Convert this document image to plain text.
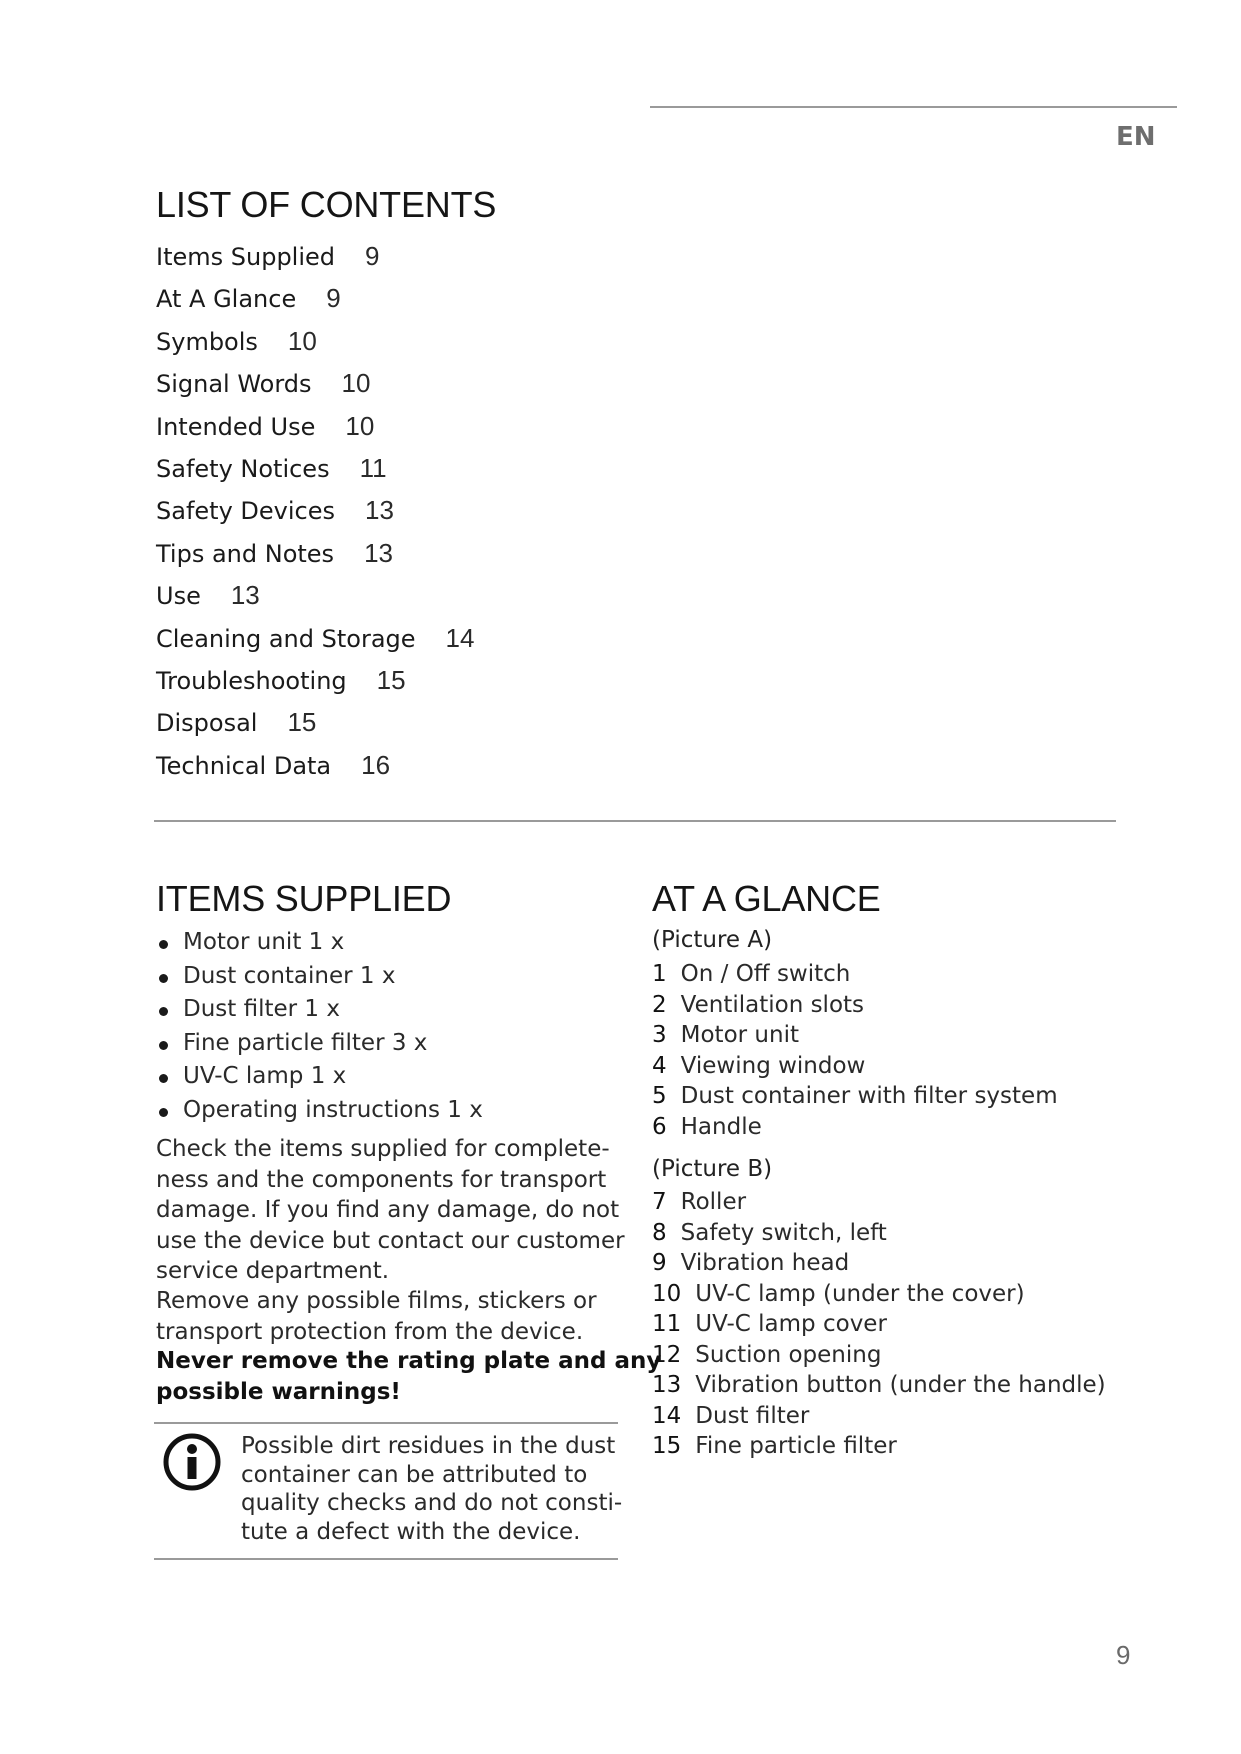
EN
LIST OF CONTENTS
Items Supplied 9
At A Glance 9
Symbols 10
Signal Words 10
Intended Use 10
Safety Notices 11
Safety Devices 13
Tips and Notes 13
Use 13
Cleaning and Storage 14
Troubleshooting 15
Disposal 15
Technical Data 16
ITEMS SUPPLIED
Motor unit 1 x
Dust container 1 x
Dust filter 1 x
Fine particle filter 3 x
UV-C lamp 1 x
Operating instructions 1 x

Check the items supplied for complete-
ness and the components for transport
damage. If you find any damage, do not
use the device but contact our customer
service department.

Remove any possible films, stickers or
transport protection from the device.

Never remove the rating plate and any
possible warnings!

Possible dirt residues in the dust
container can be attributed to
quality checks and do not consti-
tute a defect with the device.
AT A GLANCE
(Picture A)
1 On / Off switch
2 Ventilation slots
3 Motor unit
4 Viewing window
5 Dust container with filter system
6 Handle
(Picture B)
7 Roller
8 Safety switch, left
9 Vibration head
10 UV-C lamp (under the cover)
11 UV-C lamp cover
12 Suction opening
13 Vibration button (under the handle)
14 Dust filter
15 Fine particle filter
9
